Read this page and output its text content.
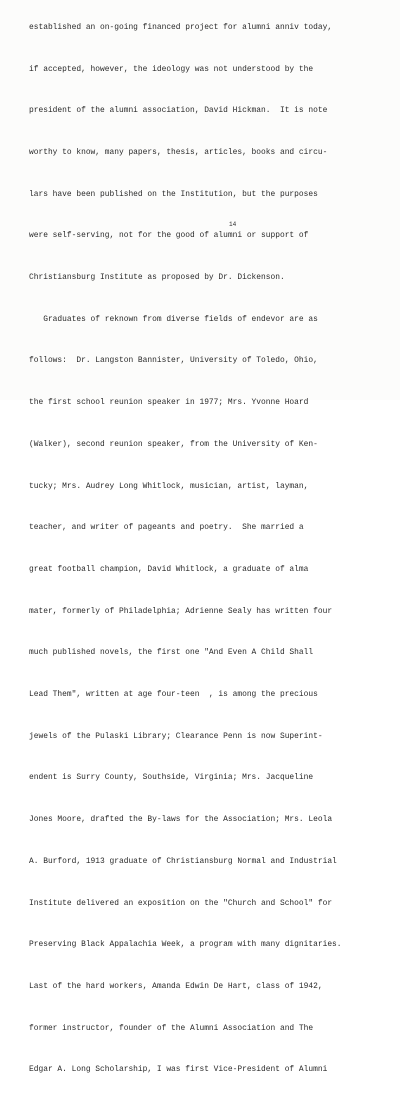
established an on-going financed project for alumni anniv today,

if accepted, however, the ideology was not understood by the

president of the alumni association, David Hickman.  It is note

worthy to know, many papers, thesis, articles, books and circu-

lars have been published on the Institution, but the purposes

were self-serving, not for the good of alumni or support of

Christiansburg Institute as proposed by Dr. Dickenson.

Graduates of reknown from diverse fields of endevor are as

follows:  Dr. Langston Bannister, University of Toledo, Ohio,

the first school reunion speaker in 1977; Mrs. Yvonne Hoard

(Walker), second reunion speaker, from the University of Ken-

tucky; Mrs. Audrey Long Whitlock, musician, artist, layman,

teacher, and writer of pageants and poetry.  She married a

great football champion, David Whitlock, a graduate of alma

mater, formerly of Philadelphia; Adrienne Sealy has written four

much published novels, the first one "And Even A Child Shall

Lead Them", written at age four-teen  , is among the precious

jewels of the Pulaski Library; Clearance Penn is now Superint-

endent is Surry County, Southside, Virginia; Mrs. Jacqueline

Jones Moore, drafted the By-laws for the Association; Mrs. Leola

A. Burford, 1913 graduate of Christiansburg Normal and Industrial

Institute delivered an exposition on the "Church and School" for

Preserving Black Appalachia Week, a program with many dignitaries.

Last of the hard workers, Amanda Edwin De Hart, class of 1942,

former instructor, founder of the Alumni Association and The

Edgar A. Long Scholarship, I was first Vice-President of Alumni

14
